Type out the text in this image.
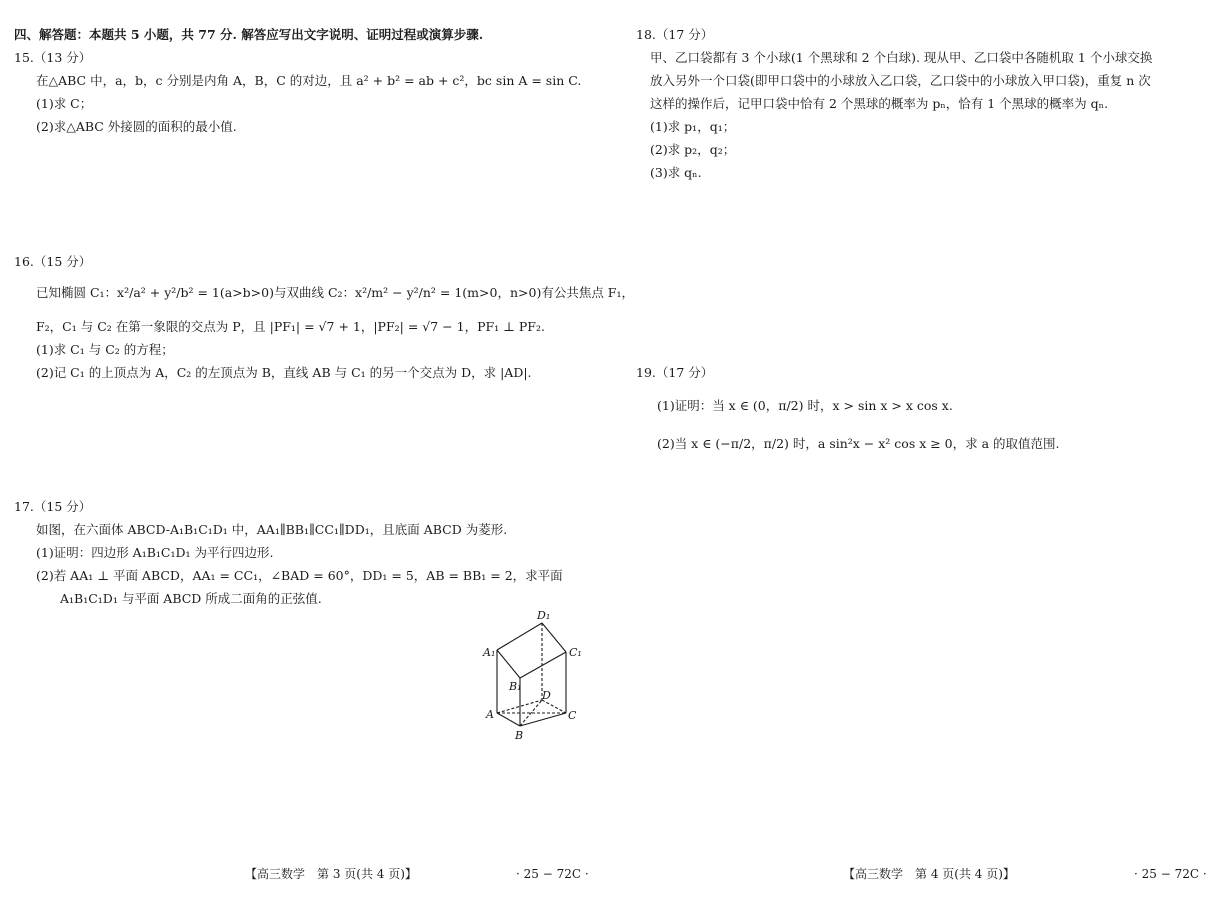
四、解答题：本题共 5 小题，共 77 分. 解答应写出文字说明、证明过程或演算步骤.
15.（13 分）
在△ABC 中，a，b，c 分别是内角 A，B，C 的对边，且 a² + b² = ab + c²，bc sin A = sin C.
(1)求 C；
(2)求△ABC 外接圆的面积的最小值.
16.（15 分）
已知椭圆 C₁：x²/a² + y²/b² = 1(a>b>0)与双曲线 C₂：x²/m² − y²/n² = 1(m>0，n>0)有公共焦点 F₁，
F₂，C₁ 与 C₂ 在第一象限的交点为 P，且 |PF₁| = √7 + 1，|PF₂| = √7 − 1，PF₁ ⊥ PF₂.
(1)求 C₁ 与 C₂ 的方程；
(2)记 C₁ 的上顶点为 A，C₂ 的左顶点为 B，直线 AB 与 C₁ 的另一个交点为 D，求 |AD|.
17.（15 分）
如图，在六面体 ABCD-A₁B₁C₁D₁ 中，AA₁∥BB₁∥CC₁∥DD₁，且底面 ABCD 为菱形.
(1)证明：四边形 A₁B₁C₁D₁ 为平行四边形.
(2)若 AA₁ ⊥ 平面 ABCD，AA₁ = CC₁，∠BAD = 60°，DD₁ = 5，AB = BB₁ = 2，求平面
A₁B₁C₁D₁ 与平面 ABCD 所成二面角的正弦值.
D₁
A₁	C₁
B₁
D
A	C
B
【高三数学　第 3 页(共 4 页)】	· 25 − 72C ·
18.（17 分）
甲、乙口袋都有 3 个小球(1 个黑球和 2 个白球). 现从甲、乙口袋中各随机取 1 个小球交换
放入另外一个口袋(即甲口袋中的小球放入乙口袋，乙口袋中的小球放入甲口袋)，重复 n 次
这样的操作后，记甲口袋中恰有 2 个黑球的概率为 pₙ，恰有 1 个黑球的概率为 qₙ.
(1)求 p₁，q₁；
(2)求 p₂，q₂；
(3)求 qₙ.
19.（17 分）
(1)证明：当 x ∈ (0，π/2) 时，x > sin x > x cos x.
(2)当 x ∈ (−π/2，π/2) 时，a sin²x − x² cos x ≥ 0，求 a 的取值范围.
【高三数学　第 4 页(共 4 页)】	· 25 − 72C ·
